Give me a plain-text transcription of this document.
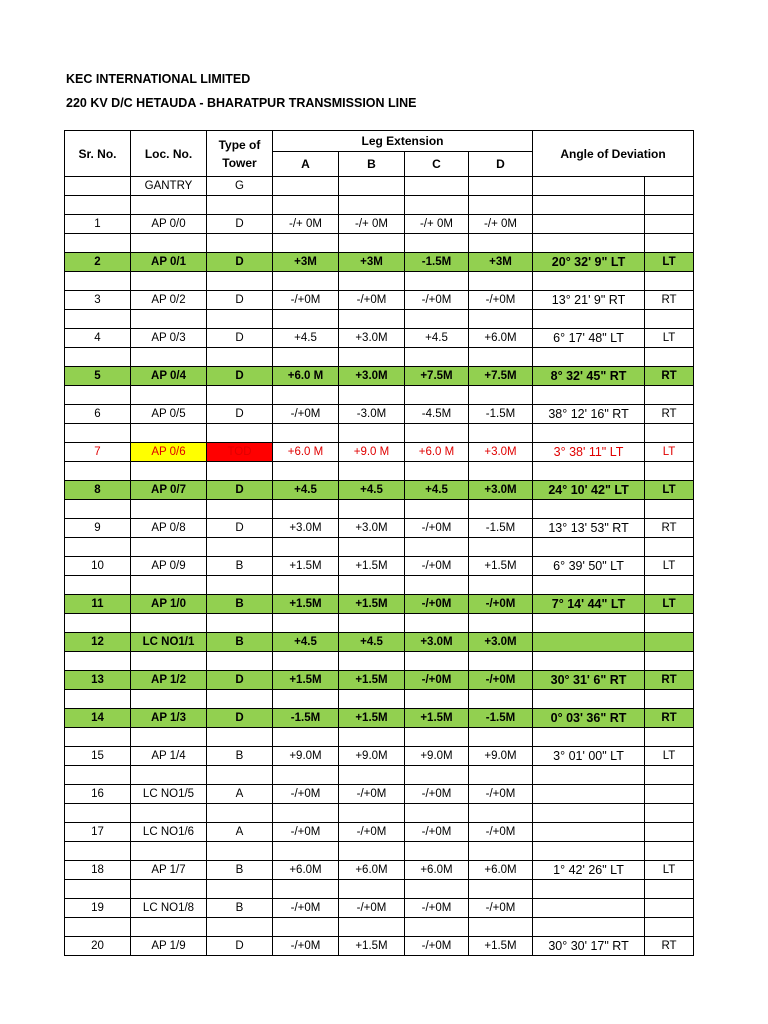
KEC INTERNATIONAL LIMITED
220 KV D/C HETAUDA - BHARATPUR TRANSMISSION LINE
Sr. No.	Loc. No.	Type of Tower	Leg Extension				Angle of Deviation	
			A	B	C	D		
	GANTRY	G						

1	AP 0/0	D	-/+ 0M	-/+ 0M	-/+ 0M	-/+ 0M		

2	AP 0/1	D	+3M	+3M	-1.5M	+3M	20° 32' 9" LT	LT

3	AP 0/2	D	-/+0M	-/+0M	-/+0M	-/+0M	13° 21' 9" RT	RT

4	AP 0/3	D	+4.5	+3.0M	+4.5	+6.0M	6° 17' 48" LT	LT

5	AP 0/4	D	+6.0 M	+3.0M	+7.5M	+7.5M	8° 32' 45" RT	RT

6	AP 0/5	D	-/+0M	-3.0M	-4.5M	-1.5M	38° 12' 16" RT	RT

7	AP 0/6	TOD	+6.0 M	+9.0 M	+6.0 M	+3.0M	3° 38' 11" LT	LT

8	AP 0/7	D	+4.5	+4.5	+4.5	+3.0M	24° 10' 42" LT	LT

9	AP 0/8	D	+3.0M	+3.0M	-/+0M	-1.5M	13° 13' 53" RT	RT

10	AP 0/9	B	+1.5M	+1.5M	-/+0M	+1.5M	6° 39' 50" LT	LT

11	AP 1/0	B	+1.5M	+1.5M	-/+0M	-/+0M	7° 14' 44" LT	LT

12	LC NO1/1	B	+4.5	+4.5	+3.0M	+3.0M		

13	AP 1/2	D	+1.5M	+1.5M	-/+0M	-/+0M	30° 31' 6" RT	RT

14	AP 1/3	D	-1.5M	+1.5M	+1.5M	-1.5M	0° 03' 36" RT	RT

15	AP 1/4	B	+9.0M	+9.0M	+9.0M	+9.0M	3° 01' 00" LT	LT

16	LC NO1/5	A	-/+0M	-/+0M	-/+0M	-/+0M		

17	LC NO1/6	A	-/+0M	-/+0M	-/+0M	-/+0M		

18	AP 1/7	B	+6.0M	+6.0M	+6.0M	+6.0M	1° 42' 26" LT	LT

19	LC NO1/8	B	-/+0M	-/+0M	-/+0M	-/+0M		

20	AP 1/9	D	-/+0M	+1.5M	-/+0M	+1.5M	30° 30' 17" RT	RT
